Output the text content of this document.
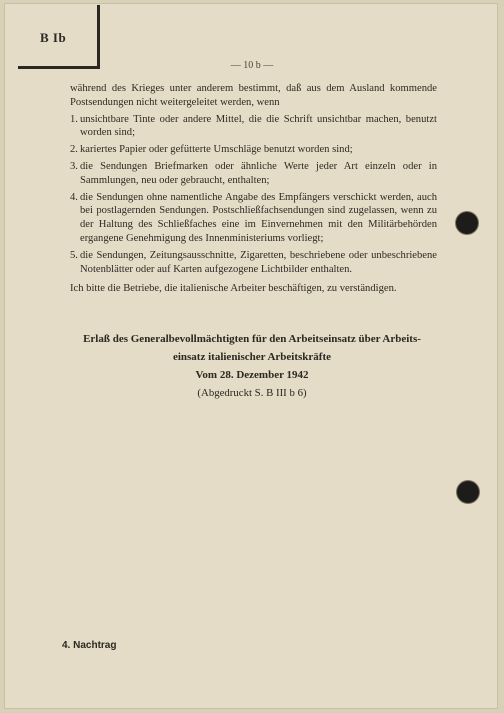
B Ib
— 10 b —

während des Krieges unter anderem bestimmt, daß aus dem Ausland kommende Postsendungen nicht weitergeleitet werden, wenn

1. unsichtbare Tinte oder andere Mittel, die die Schrift unsichtbar machen, benutzt worden sind;
2. kariertes Papier oder gefütterte Umschläge benutzt worden sind;
3. die Sendungen Briefmarken oder ähnliche Werte jeder Art einzeln oder in Sammlungen, neu oder gebraucht, enthalten;
4. die Sendungen ohne namentliche Angabe des Empfängers verschickt werden, auch bei postlagernden Sendungen. Postschließfachsendungen sind zugelassen, wenn zu der Haltung des Schließfaches eine im Einvernehmen mit den Militärbehörden ergangene Genehmigung des Innenministeriums vorliegt;
5. die Sendungen, Zeitungsausschnitte, Zigaretten, beschriebene oder unbeschriebene Notenblätter oder auf Karten aufgezogene Lichtbilder enthalten.

Ich bitte die Betriebe, die italienische Arbeiter beschäftigen, zu verständigen.

Erlaß des Generalbevollmächtigten für den Arbeitseinsatz über Arbeits-
einsatz italienischer Arbeitskräfte
Vom 28. Dezember 1942
(Abgedruckt S. B III b 6)
4. Nachtrag
